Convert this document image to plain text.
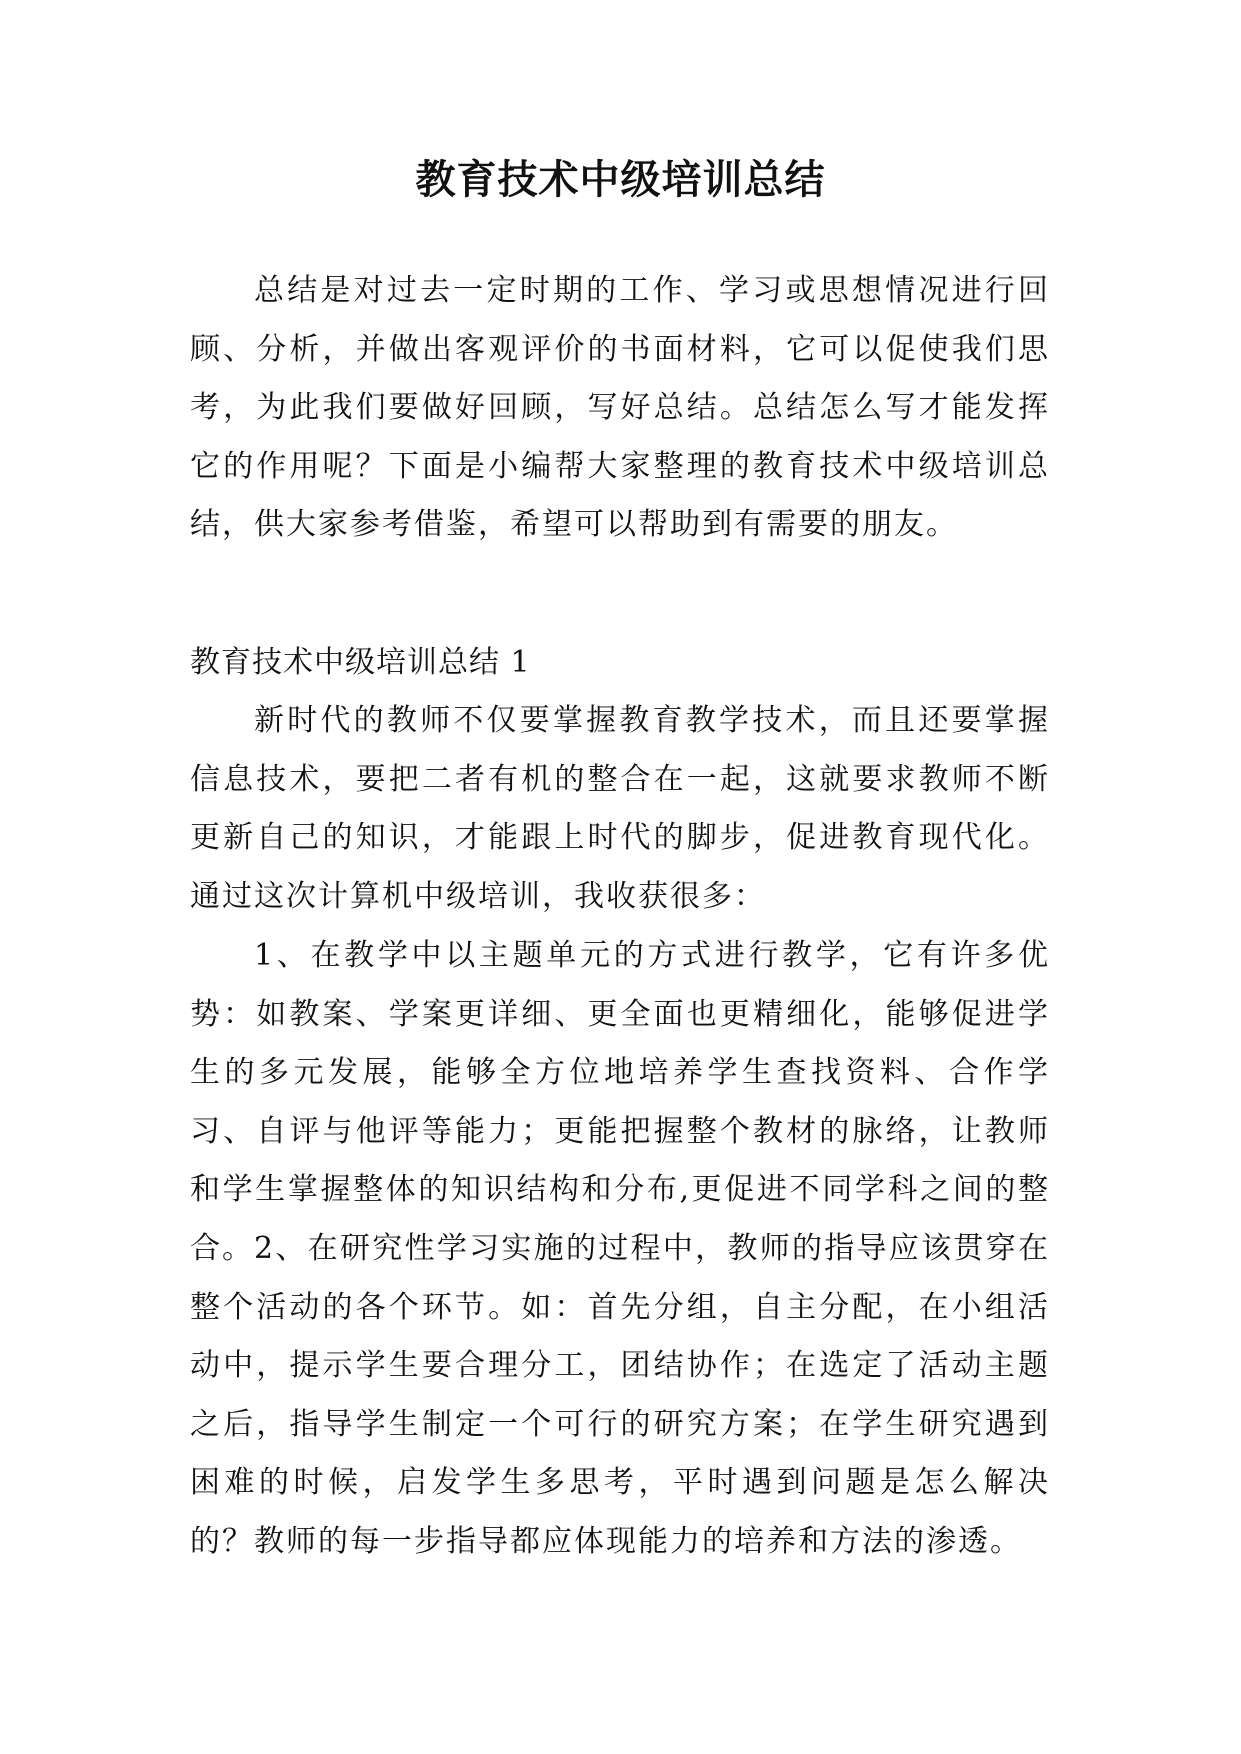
教育技术中级培训总结

总结是对过去一定时期的工作、学习或思想情况进行回顾、分析，并做出客观评价的书面材料，它可以促使我们思考，为此我们要做好回顾，写好总结。总结怎么写才能发挥它的作用呢？下面是小编帮大家整理的教育技术中级培训总结，供大家参考借鉴，希望可以帮助到有需要的朋友。

教育技术中级培训总结 1

新时代的教师不仅要掌握教育教学技术，而且还要掌握信息技术，要把二者有机的整合在一起，这就要求教师不断更新自己的知识，才能跟上时代的脚步，促进教育现代化。通过这次计算机中级培训，我收获很多：

1、在教学中以主题单元的方式进行教学，它有许多优势：如教案、学案更详细、更全面也更精细化，能够促进学生的多元发展，能够全方位地培养学生查找资料、合作学习、自评与他评等能力；更能把握整个教材的脉络，让教师和学生掌握整体的知识结构和分布,更促进不同学科之间的整合。 2、在研究性学习实施的过程中，教师的指导应该贯穿在整个活动的各个环节。如：首先分组，自主分配，在小组活动中，提示学生要合理分工，团结协作；在选定了活动主题之后，指导学生制定一个可行的研究方案；在学生研究遇到困难的时候，启发学生多思考，平时遇到问题是怎么解决的？教师的每一步指导都应体现能力的培养和方法的渗透。
